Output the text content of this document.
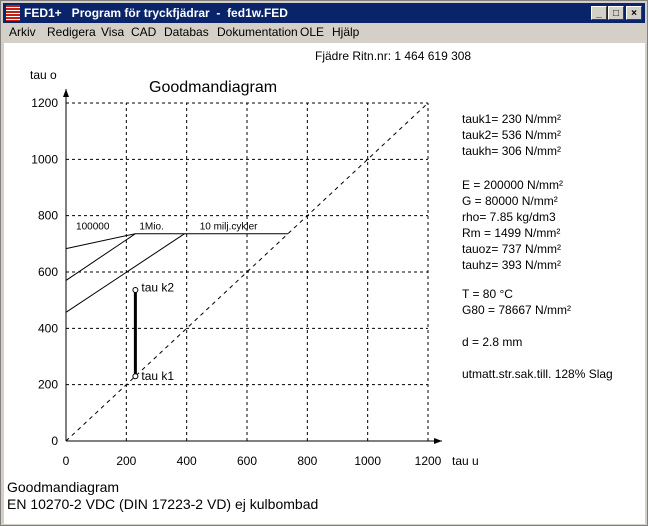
FED1+   Program för tryckfjädrar  -  fed1w.FED	_	□	×
Arkiv Redigera Visa CAD Databas Dokumentation OLE Hjälp
Fjädre Ritn.nr: 1 464 619 308
0	200	400	600	800	1000	1200
0
200
400
600
800
1000
1200
tau u
tau o
Goodmandiagram
100000	1Mio.	10 milj.cykler
tau k2
tau k1
tauk1= 230 N/mm²
tauk2= 536 N/mm²
taukh= 306 N/mm²
E = 200000 N/mm²
G = 80000 N/mm²
rho= 7.85 kg/dm3
Rm = 1499 N/mm²
tauoz= 737 N/mm²
tauhz= 393 N/mm²
T = 80 °C
G80 = 78667 N/mm²
d = 2.8 mm
utmatt.str.sak.till. 128% Slag
Goodmandiagram
EN 10270-2 VDC (DIN 17223-2 VD) ej kulbombad
